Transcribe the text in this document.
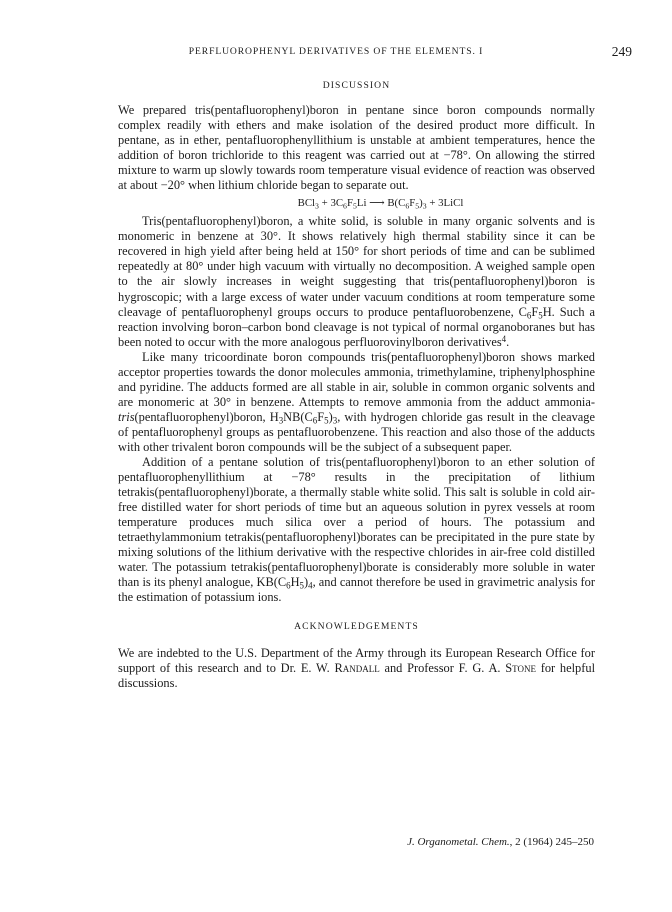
PERFLUOROPHENYL DERIVATIVES OF THE ELEMENTS. I	249
DISCUSSION

We prepared tris(pentafluorophenyl)boron in pentane since boron compounds normally complex readily with ethers and make isolation of the desired product more difficult. In pentane, as in ether, pentafluorophenyllithium is unstable at ambient temperatures, hence the addition of boron trichloride to this reagent was carried out at −78°. On allowing the stirred mixture to warm up slowly towards room temperature visual evidence of reaction was observed at about −20° when lithium chloride began to separate out.

$BCl_3 + 3C_6F_5Li$ ⟶ $B(C_6F_5)_3$ + 3LiCl

Tris(pentafluorophenyl)boron, a white solid, is soluble in many organic solvents and is monomeric in benzene at 30°. It shows relatively high thermal stability since it can be recovered in high yield after being held at 150° for short periods of time and can be sublimed repeatedly at 80° under high vacuum with virtually no decomposition. A weighed sample open to the air slowly increases in weight suggesting that tris(pentafluorophenyl)boron is hygroscopic; with a large excess of water under vacuum conditions at room temperature some cleavage of pentafluorophenyl groups occurs to produce pentafluorobenzene, $C_6F_5H$. Such a reaction involving boron–carbon bond cleavage is not typical of normal organoboranes but has been noted to occur with the more analogous perfluorovinylboron derivatives$^4$.

Like many tricoordinate boron compounds tris(pentafluorophenyl)boron shows marked acceptor properties towards the donor molecules ammonia, trimethylamine, triphenylphosphine and pyridine. The adducts formed are all stable in air, soluble in common organic solvents and are monomeric at 30° in benzene. Attempts to remove ammonia from the adduct ammonia-tris(pentafluorophenyl)boron, $H_3NB(C_6F_5)_3$, with hydrogen chloride gas result in the cleavage of pentafluorophenyl groups as pentafluorobenzene. This reaction and also those of the adducts with other trivalent boron compounds will be the subject of a subsequent paper.

Addition of a pentane solution of tris(pentafluorophenyl)boron to an ether solution of pentafluorophenyllithium at −78° results in the precipitation of lithium tetrakis(pentafluorophenyl)borate, a thermally stable white solid. This salt is soluble in cold air-free distilled water for short periods of time but an aqueous solution in pyrex vessels at room temperature produces much silica over a period of hours. The potassium and tetraethylammonium tetrakis(pentafluorophenyl)borates can be precipitated in the pure state by mixing solutions of the lithium derivative with the respective chlorides in air-free cold distilled water. The potassium tetrakis(pentafluorophenyl)borate is considerably more soluble in water than is its phenyl analogue, $KB(C_6H_5)_4$, and cannot therefore be used in gravimetric analysis for the estimation of potassium ions.

ACKNOWLEDGEMENTS

We are indebted to the U.S. Department of the Army through its European Research Office for support of this research and to Dr. E. W. Randall and Professor F. G. A. Stone for helpful discussions.

J. Organometal. Chem., 2 (1964) 245–250
